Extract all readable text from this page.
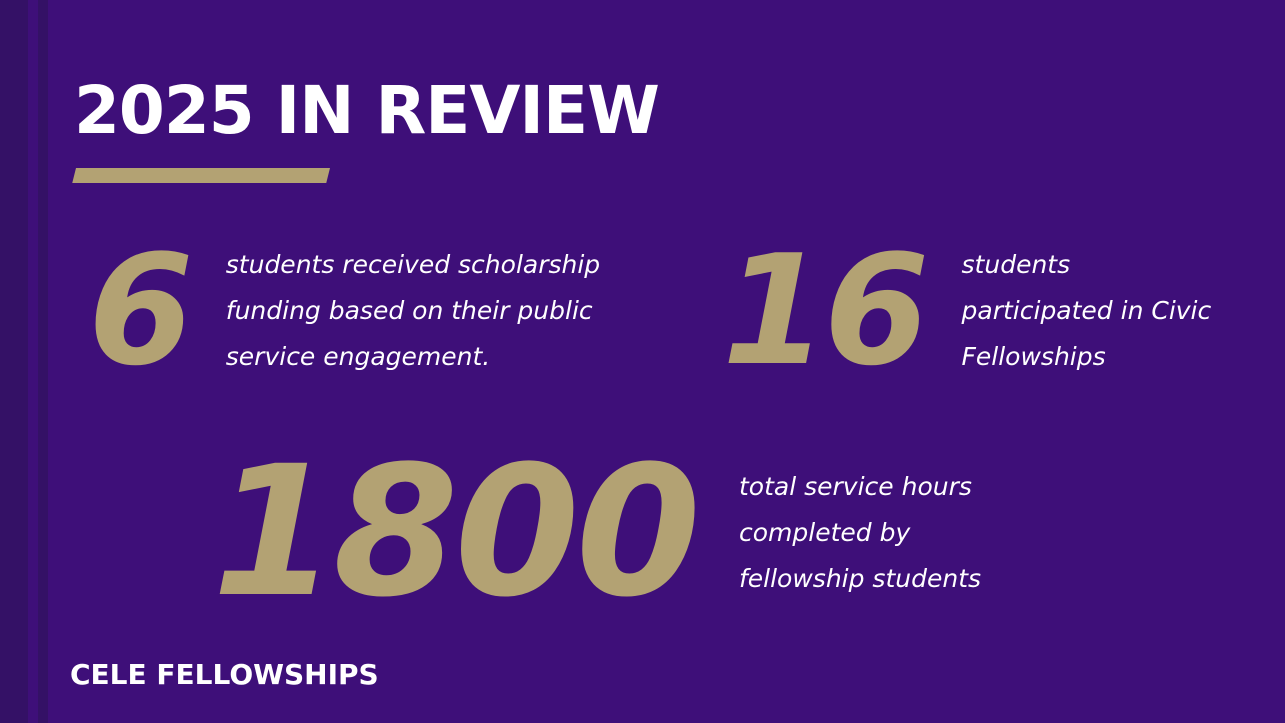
2025 IN REVIEW
6 students received scholarship funding based on their public service engagement.	16 students participated in Civic Fellowships
1800 total service hours completed by fellowship students
CELE FELLOWSHIPS
